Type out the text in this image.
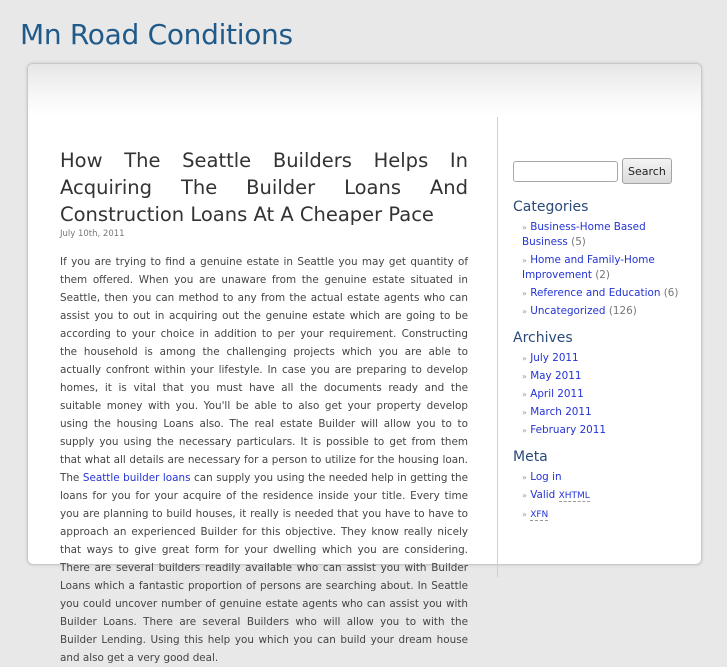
Mn Road Conditions
How The Seattle Builders Helps In Acquiring The Builder Loans And Construction Loans At A Cheaper Pace
July 10th, 2011
If you are trying to find a genuine estate in Seattle you may get quantity of them offered. When you are unaware from the genuine estate situated in Seattle, then you can method to any from the actual estate agents who can assist you to out in acquiring out the genuine estate which are going to be according to your choice in addition to per your requirement. Constructing the household is among the challenging projects which you are able to actually confront within your lifestyle. In case you are preparing to develop homes, it is vital that you must have all the documents ready and the suitable money with you. You'll be able to also get your property develop using the housing Loans also. The real estate Builder will allow you to to supply you using the necessary particulars. It is possible to get from them that what all details are necessary for a person to utilize for the housing loan. The Seattle builder loans can supply you using the needed help in getting the loans for you for your acquire of the residence inside your title. Every time you are planning to build houses, it really is needed that you have to have to approach an experienced Builder for this objective. They know really nicely that ways to give great form for your dwelling which you are considering. There are several builders readily available who can assist you with Builder Loans which a fantastic proportion of persons are searching about. In Seattle you could uncover number of genuine estate agents who can assist you with Builder Loans. There are several Builders who will allow you to with the Builder Lending. Using this help you which you can build your dream house and also get a very good deal.
Search
Categories
» Business-Home Based Business (5)
» Home and Family-Home Improvement (2)
» Reference and Education (6)
» Uncategorized (126)
Archives
» July 2011
» May 2011
» April 2011
» March 2011
» February 2011
Meta
» Log in
» Valid XHTML
» XFN
